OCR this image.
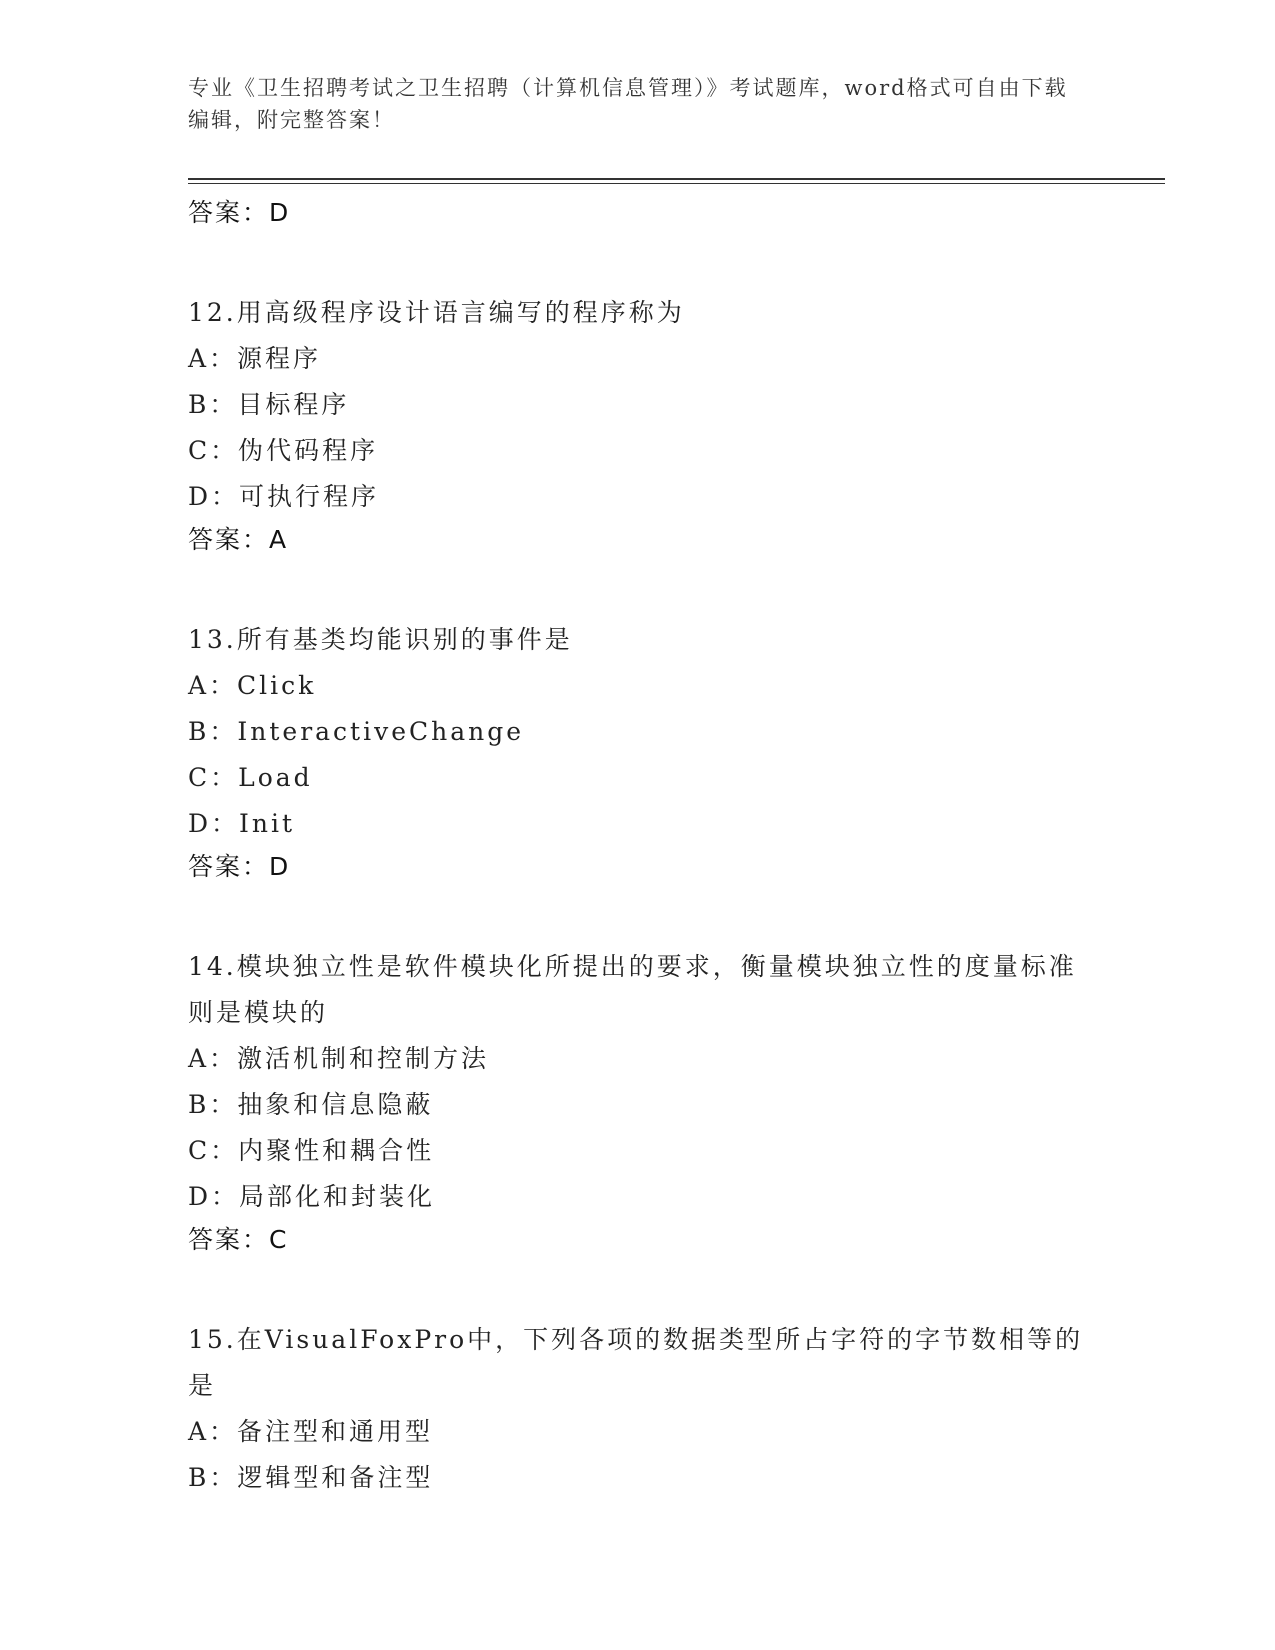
专业《卫生招聘考试之卫生招聘（计算机信息管理）》考试题库，word格式可自由下载编辑，附完整答案！
答案：D
12.用高级程序设计语言编写的程序称为
A：源程序
B：目标程序
C：伪代码程序
D：可执行程序
答案：A
13.所有基类均能识别的事件是
A：Click
B：InteractiveChange
C：Load
D：Init
答案：D
14.模块独立性是软件模块化所提出的要求，衡量模块独立性的度量标准则是模块的
A：激活机制和控制方法
B：抽象和信息隐蔽
C：内聚性和耦合性
D：局部化和封装化
答案：C
15.在VisualFoxPro中，下列各项的数据类型所占字符的字节数相等的是
A：备注型和通用型
B：逻辑型和备注型
